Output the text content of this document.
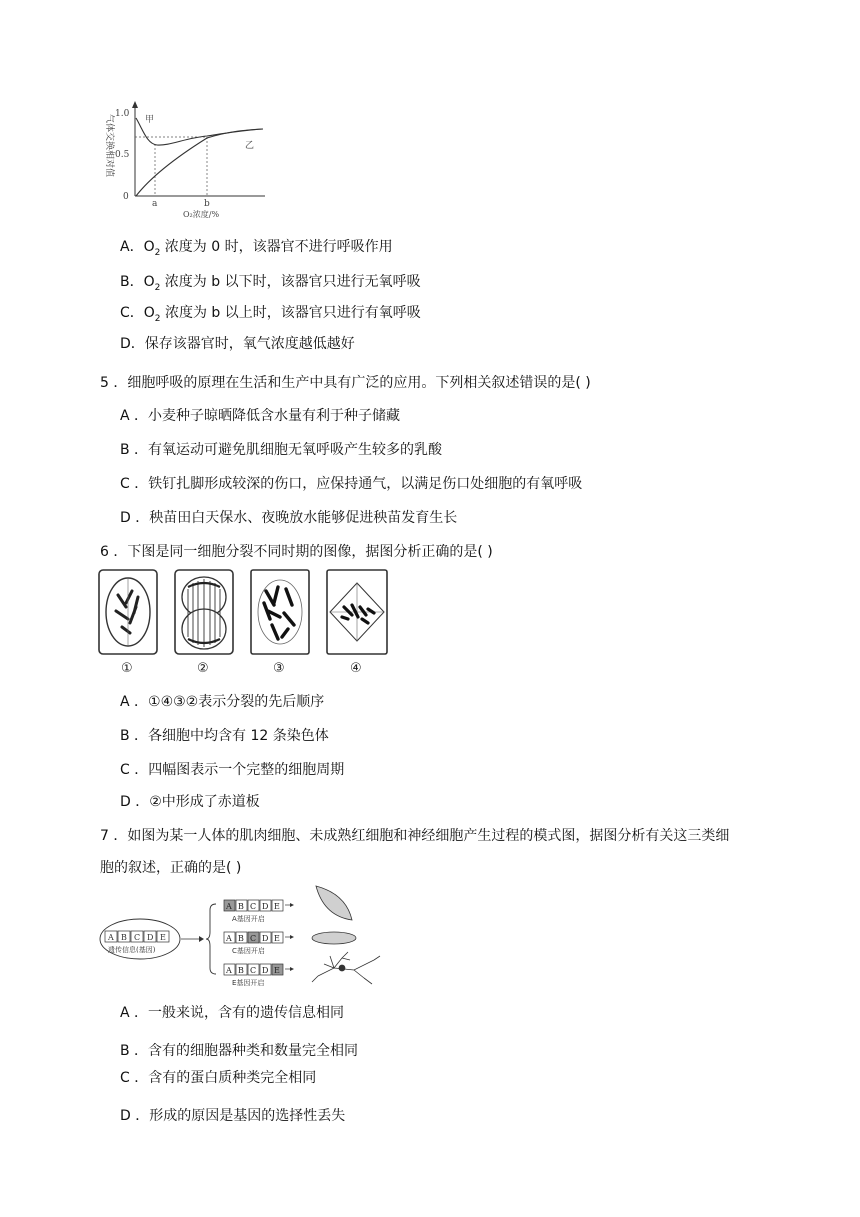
气体交换相对值 1.0
0.5
0
甲
乙
a	b
O₂浓度/%
A．$O_2$ 浓度为 0 时，该器官不进行呼吸作用
B．$O_2$ 浓度为 b 以下时，该器官只进行无氧呼吸
C．$O_2$ 浓度为 b 以上时，该器官只进行有氧呼吸
D．保存该器官时，氧气浓度越低越好
5 ．细胞呼吸的原理在生活和生产中具有广泛的应用。下列相关叙述错误的是( )
A ．小麦种子晾晒降低含水量有利于种子储藏
B ．有氧运动可避免肌细胞无氧呼吸产生较多的乳酸
C ．铁钉扎脚形成较深的伤口，应保持通气，以满足伤口处细胞的有氧呼吸
D ．秧苗田白天保水、夜晚放水能够促进秧苗发育生长
6 ．下图是同一细胞分裂不同时期的图像，据图分析正确的是( )
①	②	③	④
A ．①④③②表示分裂的先后顺序
B ．各细胞中均含有 12 条染色体
C ．四幅图表示一个完整的细胞周期
D ．②中形成了赤道板
7 ．如图为某一人体的肌肉细胞、未成熟红细胞和神经细胞产生过程的模式图，据图分析有关这三类细
胞的叙述，正确的是( )
A B C D E
遗传信息(基因)
A B C D E
A基因开启
A B C D E
C基因开启
A B C D E
E基因开启
A ．一般来说，含有的遗传信息相同
B ．含有的细胞器种类和数量完全相同
C ．含有的蛋白质种类完全相同
D ．形成的原因是基因的选择性丢失
